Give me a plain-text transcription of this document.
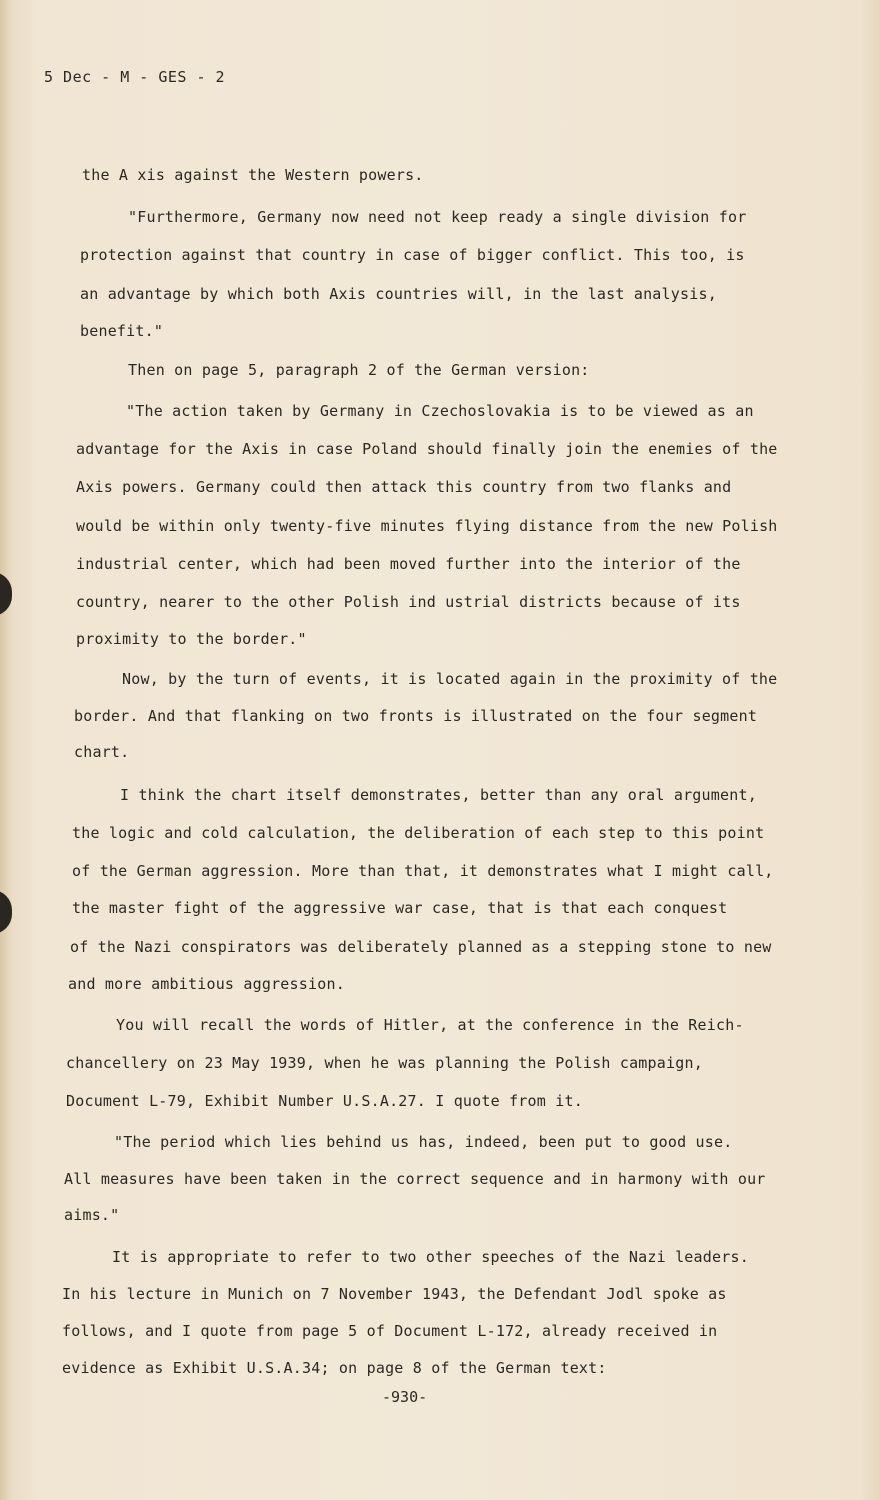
5 Dec - M - GES - 2
the A xis against the Western powers.
"Furthermore, Germany now need not keep ready a single division for
protection against that country in case of bigger conflict. This too, is
an advantage by which both Axis countries will, in the last analysis,
benefit."
Then on page 5, paragraph 2 of the German version:
"The action taken by Germany in Czechoslovakia is to be viewed as an
advantage for the Axis in case Poland should finally join the enemies of the
Axis powers. Germany could then attack this country from two flanks and
would be within only twenty-five minutes flying distance from the new Polish
industrial center, which had been moved further into the interior of the
country, nearer to the other Polish ind ustrial districts because of its
proximity to the border."
Now, by the turn of events, it is located again in the proximity of the
border. And that flanking on two fronts is illustrated on the four segment
chart.
I think the chart itself demonstrates, better than any oral argument,
the logic and cold calculation, the deliberation of each step to this point
of the German aggression. More than that, it demonstrates what I might call,
the master fight of the aggressive war case, that is that each conquest
of the Nazi conspirators was deliberately planned as a stepping stone to new
and more ambitious aggression.
You will recall the words of Hitler, at the conference in the Reich-
chancellery on 23 May 1939, when he was planning the Polish campaign,
Document L-79, Exhibit Number U.S.A.27. I quote from it.
"The period which lies behind us has, indeed, been put to good use.
All measures have been taken in the correct sequence and in harmony with our
aims."
It is appropriate to refer to two other speeches of the Nazi leaders.
In his lecture in Munich on 7 November 1943, the Defendant Jodl spoke as
follows, and I quote from page 5 of Document L-172, already received in
evidence as Exhibit U.S.A.34; on page 8 of the German text:
-930-
